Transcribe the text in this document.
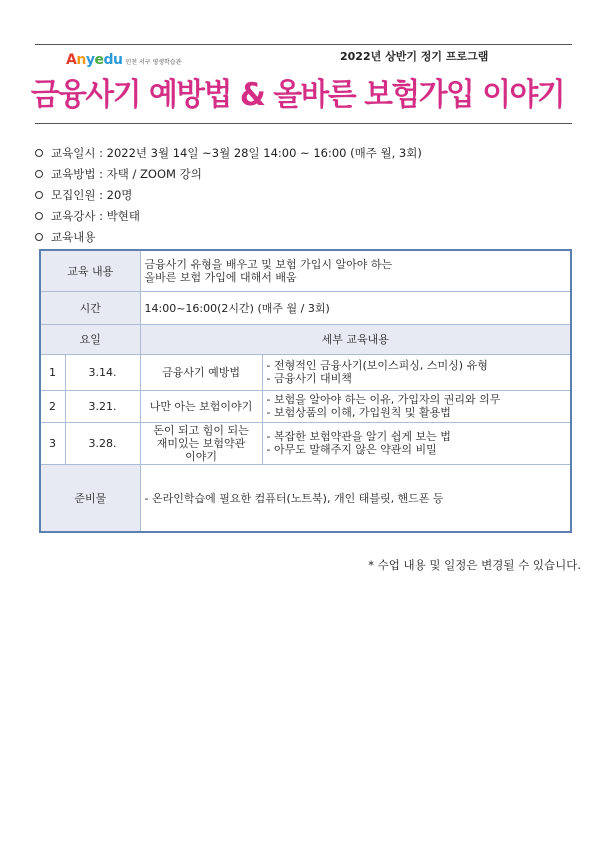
Anyedu 인천 서구 평생학습관	2022년 상반기 정기 프로그램
금융사기 예방법 & 올바른 보험가입 이야기
교육일시 : 2022년 3월 14일 ~3월 28일 14:00 ~ 16:00 (매주 월, 3회)
교육방법 : 자택 / ZOOM 강의
모집인원 : 20명
교육강사 : 박현태
교육내용
교육 내용		금융사기 유형을 배우고 및 보험 가입시 알아야 하는
올바른 보험 가입에 대해서 배움	

시간		14:00~16:00(2시간) (매주 월 / 3회)	
요일		세부 교육내용	
1	3.14.	금융사기 예방법	- 전형적인 금융사기(보이스피싱, 스미싱) 유형
- 금융사기 대비책

2	3.21.	나만 아는 보험이야기	- 보험을 알아야 하는 이유, 가입자의 권리와 의무
- 보험상품의 이해, 가입원칙 및 활용법

3	3.28.	돈이 되고 힘이 되는
재미있는 보험약관
이야기	- 복잡한 보험약관을 알기 쉽게 보는 법
- 아무도 말해주지 않은 약관의 비밀

준비물		- 온라인학습에 필요한 컴퓨터(노트북), 개인 태블릿, 핸드폰 등	
* 수업 내용 및 일정은 변경될 수 있습니다.
